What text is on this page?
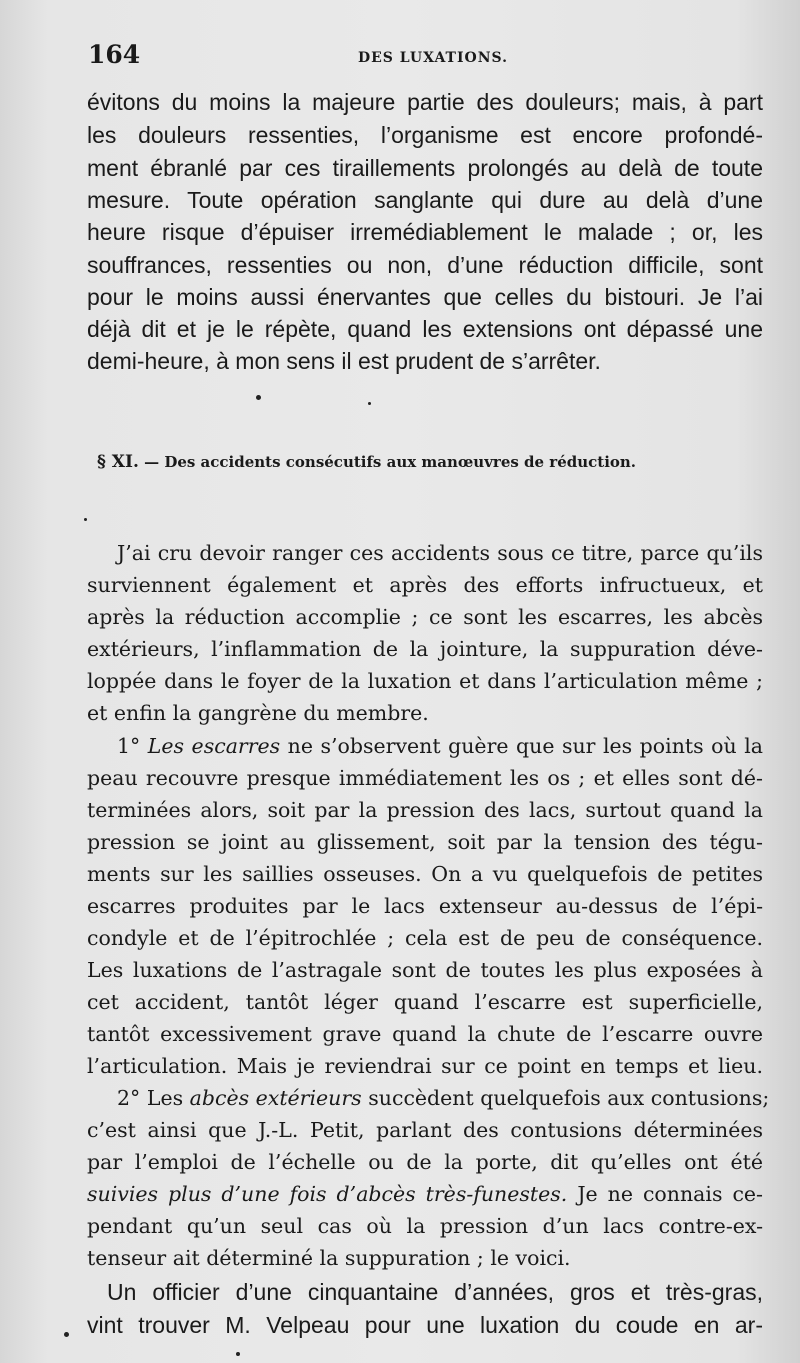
164	DES LUXATIONS.
évitons du moins la majeure partie des douleurs; mais, à part
les douleurs ressenties, l’organisme est encore profondé-
ment ébranlé par ces tiraillements prolongés au delà de toute
mesure. Toute opération sanglante qui dure au delà d’une
heure risque d’épuiser irremédiablement le malade ; or, les
souffrances, ressenties ou non, d’une réduction difficile, sont
pour le moins aussi énervantes que celles du bistouri. Je l’ai
déjà dit et je le répète, quand les extensions ont dépassé une
demi-heure, à mon sens il est prudent de s’arrêter.
§ XI. — Des accidents consécutifs aux manœuvres de réduction.
J’ai cru devoir ranger ces accidents sous ce titre, parce qu’ils
surviennent également et après des efforts infructueux, et
après la réduction accomplie ; ce sont les escarres, les abcès
extérieurs, l’inflammation de la jointure, la suppuration déve-
loppée dans le foyer de la luxation et dans l’articulation même ;
et enfin la gangrène du membre.
1° Les escarres ne s’observent guère que sur les points où la
peau recouvre presque immédiatement les os ; et elles sont dé-
terminées alors, soit par la pression des lacs, surtout quand la
pression se joint au glissement, soit par la tension des tégu-
ments sur les saillies osseuses. On a vu quelquefois de petites
escarres produites par le lacs extenseur au-dessus de l’épi-
condyle et de l’épitrochlée ; cela est de peu de conséquence.
Les luxations de l’astragale sont de toutes les plus exposées à
cet accident, tantôt léger quand l’escarre est superficielle,
tantôt excessivement grave quand la chute de l’escarre ouvre
l’articulation. Mais je reviendrai sur ce point en temps et lieu.
2° Les abcès extérieurs succèdent quelquefois aux contusions;
c’est ainsi que J.-L. Petit, parlant des contusions déterminées
par l’emploi de l’échelle ou de la porte, dit qu’elles ont été
suivies plus d’une fois d’abcès très-funestes. Je ne connais ce-
pendant qu’un seul cas où la pression d’un lacs contre-ex-
tenseur ait déterminé la suppuration ; le voici.
Un officier d’une cinquantaine d’années, gros et très-gras,
vint trouver M. Velpeau pour une luxation du coude en ar-
